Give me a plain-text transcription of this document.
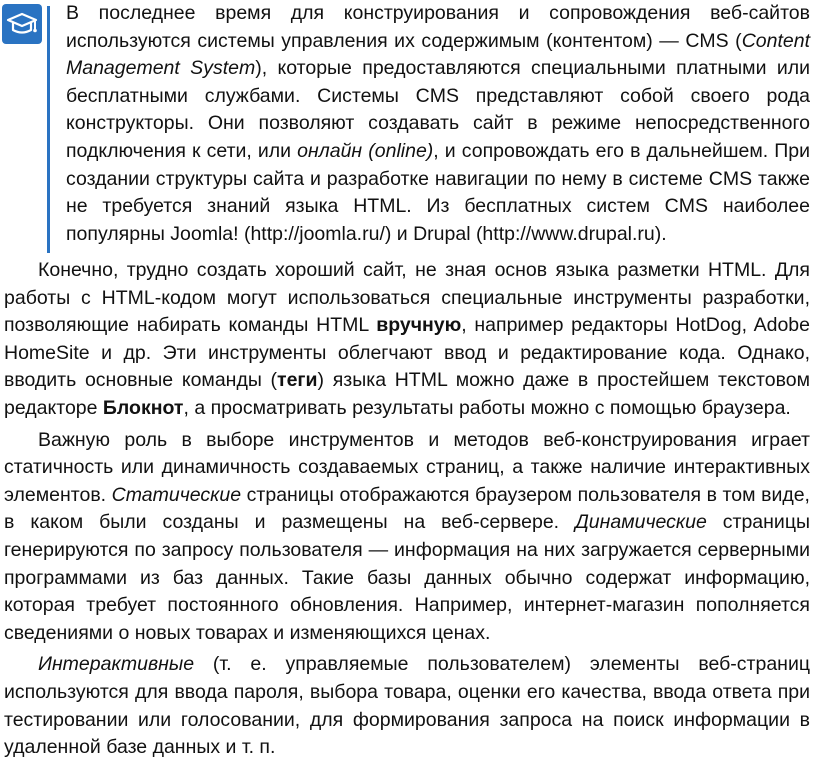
В последнее время для конструирования и сопровождения веб-сайтов используются системы управления их содержимым (контентом) — CMS (Content Management System), которые предоставляются специальными платными или бесплатными службами. Системы CMS представляют собой своего рода конструкторы. Они позволяют создавать сайт в режиме непосредственного подключения к сети, или онлайн (online), и сопровождать его в дальнейшем. При создании структуры сайта и разработке навигации по нему в системе CMS также не требуется знаний языка HTML. Из бесплатных систем CMS наиболее популярны Joomla! (http://joomla.ru/) и Drupal (http://www.drupal.ru).

Конечно, трудно создать хороший сайт, не зная основ языка разметки HTML. Для работы с HTML-кодом могут использоваться специальные инструменты разработки, позволяющие набирать команды HTML вручную, например редакторы HotDog, Adobe HomeSite и др. Эти инструменты облегчают ввод и редактирование кода. Однако, вводить основные команды (теги) языка HTML можно даже в простейшем текстовом редакторе Блокнот, а просматривать результаты работы можно с помощью браузера.

Важную роль в выборе инструментов и методов веб-конструирования играет статичность или динамичность создаваемых страниц, а также наличие интерактивных элементов. Статические страницы отображаются браузером пользователя в том виде, в каком были созданы и размещены на веб-сервере. Динамические страницы генерируются по запросу пользователя — информация на них загружается серверными программами из баз данных. Такие базы данных обычно содержат информацию, которая требует постоянного обновления. Например, интернет-магазин пополняется сведениями о новых товарах и изменяющихся ценах.

Интерактивные (т. е. управляемые пользователем) элементы веб-страниц используются для ввода пароля, выбора товара, оценки его качества, ввода ответа при тестировании или голосовании, для формирования запроса на поиск информации в удаленной базе данных и т. п.
